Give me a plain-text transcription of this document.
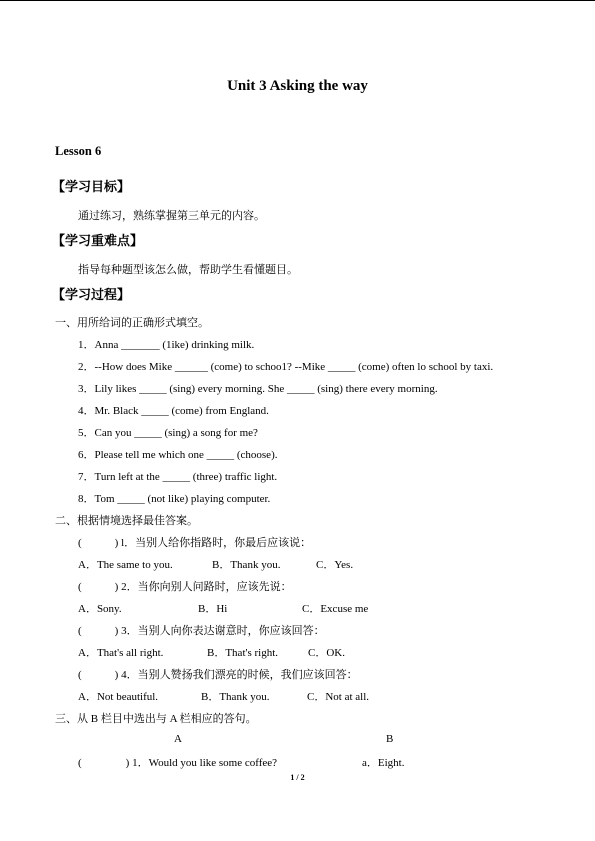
Unit 3 Asking the way
Lesson 6
【学习目标】
通过练习，熟练掌握第三单元的内容。
【学习重难点】
指导每种题型该怎么做，帮助学生看懂题目。
【学习过程】
一、用所给词的正确形式填空。
1．Anna _______ (1ike) drinking milk.
2．--How does Mike ______ (come) to schoo1? --Mike _____ (come) often lo school by taxi.
3．Lily likes _____ (sing) every morning. She _____ (sing) there every morning.
4．Mr. Black _____ (come) from England.
5．Can you _____ (sing) a song for me?
6．Please tell me which one _____ (choose).
7．Turn left at the _____ (three) traffic light.
8．Tom _____ (not like) playing computer.
二、根据情境选择最佳答案。
(　　　) l．当别人给你指路时，你最后应该说：
A．The same to you.	B．Thank you.	C．Yes.
(　　　) 2．当你向别人问路时，应该先说：
A．Sony.	B．Hi	C．Excuse me
(　　　) 3．当别人向你表达谢意时，你应该回答：
A．That's all right.	B．That's right.	C．OK.
(　　　) 4．当别人赞扬我们漂亮的时候，我们应该回答：
A．Not beautiful.	B．Thank you.	C．Not at all.
三、从 B 栏目中选出与 A 栏相应的答句。
A	B
(　　　　) 1．Would you like some coffee?	a．Eight.
1 / 2
